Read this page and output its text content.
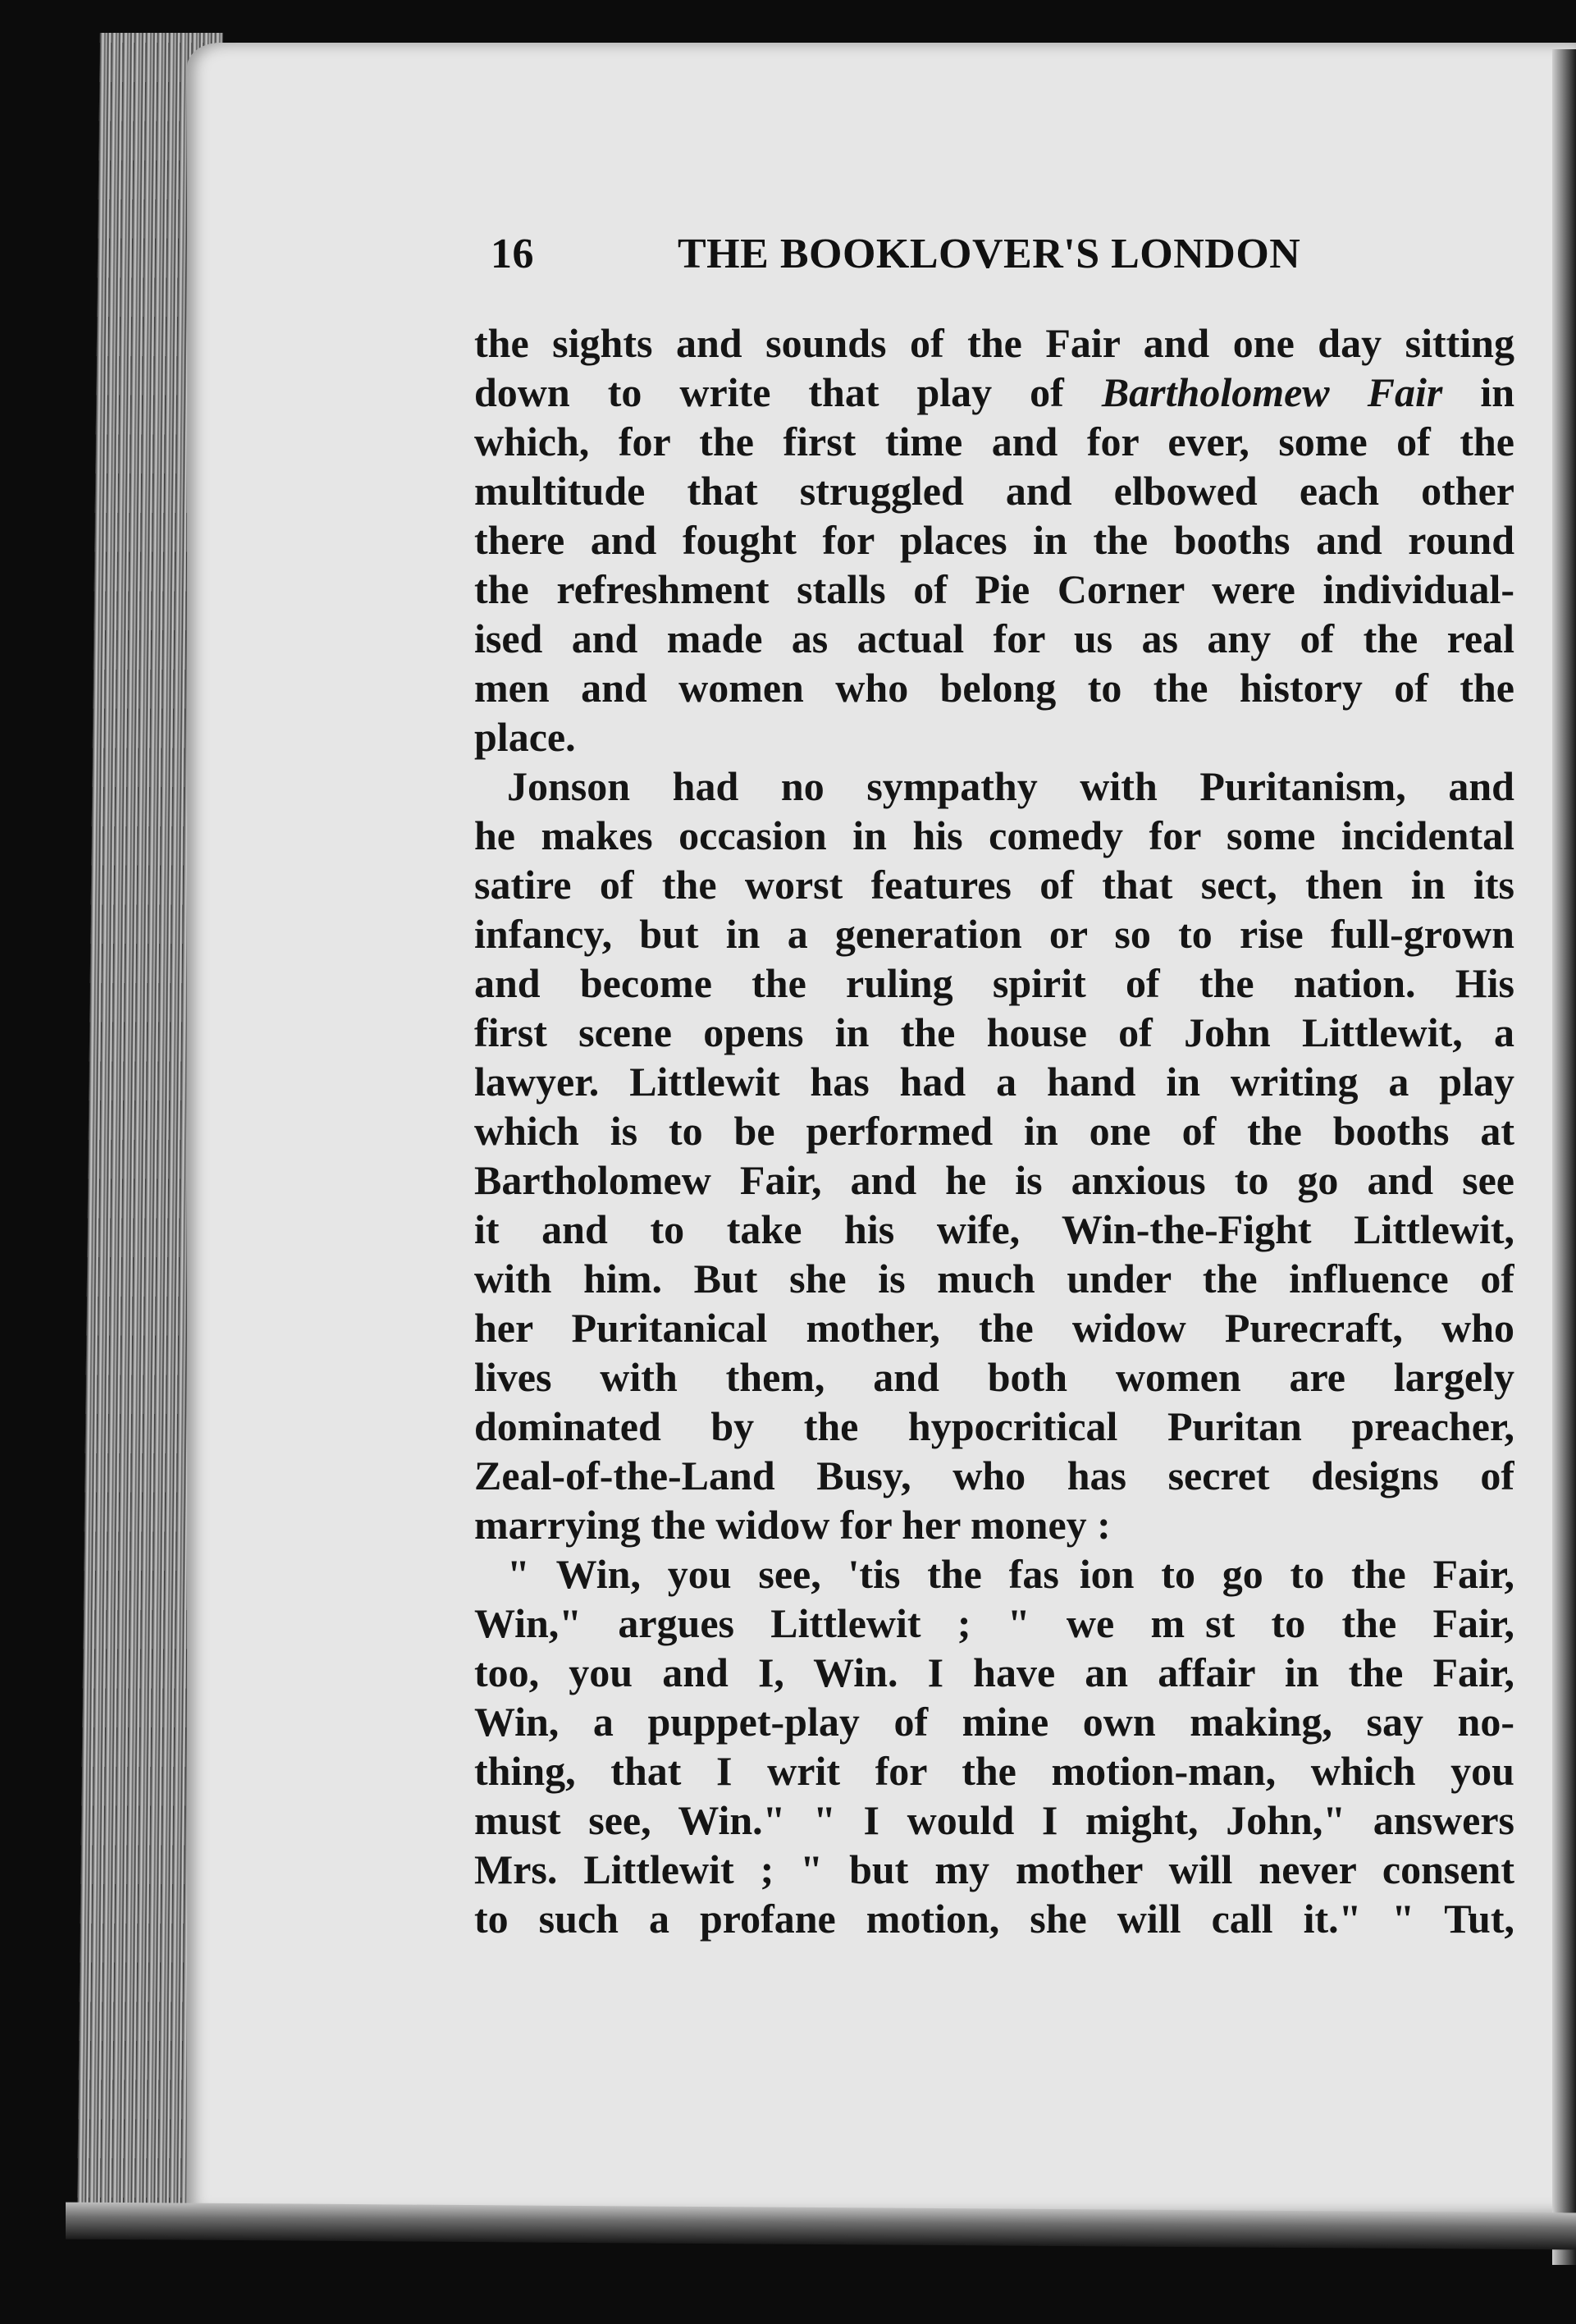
16	THE BOOKLOVER'S LONDON
the sights and sounds of the Fair and one day sitting
down to write that play of Bartholomew Fair in
which, for the first time and for ever, some of the
multitude that struggled and elbowed each other
there and fought for places in the booths and round
the refreshment stalls of Pie Corner were individual-
ised and made as actual for us as any of the real
men and women who belong to the history of the
place.
Jonson had no sympathy with Puritanism, and
he makes occasion in his comedy for some incidental
satire of the worst features of that sect, then in its
infancy, but in a generation or so to rise full-grown
and become the ruling spirit of the nation. His
first scene opens in the house of John Littlewit, a
lawyer. Littlewit has had a hand in writing a play
which is to be performed in one of the booths at
Bartholomew Fair, and he is anxious to go and see
it and to take his wife, Win-the-Fight Littlewit,
with him. But she is much under the influence of
her Puritanical mother, the widow Purecraft, who
lives with them, and both women are largely
dominated by the hypocritical Puritan preacher,
Zeal-of-the-Land Busy, who has secret designs of
marrying the widow for her money :
" Win, you see, 'tis the fas ion to go to the Fair,
Win," argues Littlewit ; " we m st to the Fair,
too, you and I, Win. I have an affair in the Fair,
Win, a puppet-play of mine own making, say no-
thing, that I writ for the motion-man, which you
must see, Win." " I would I might, John," answers
Mrs. Littlewit ; " but my mother will never consent
to such a profane motion, she will call it." " Tut,
